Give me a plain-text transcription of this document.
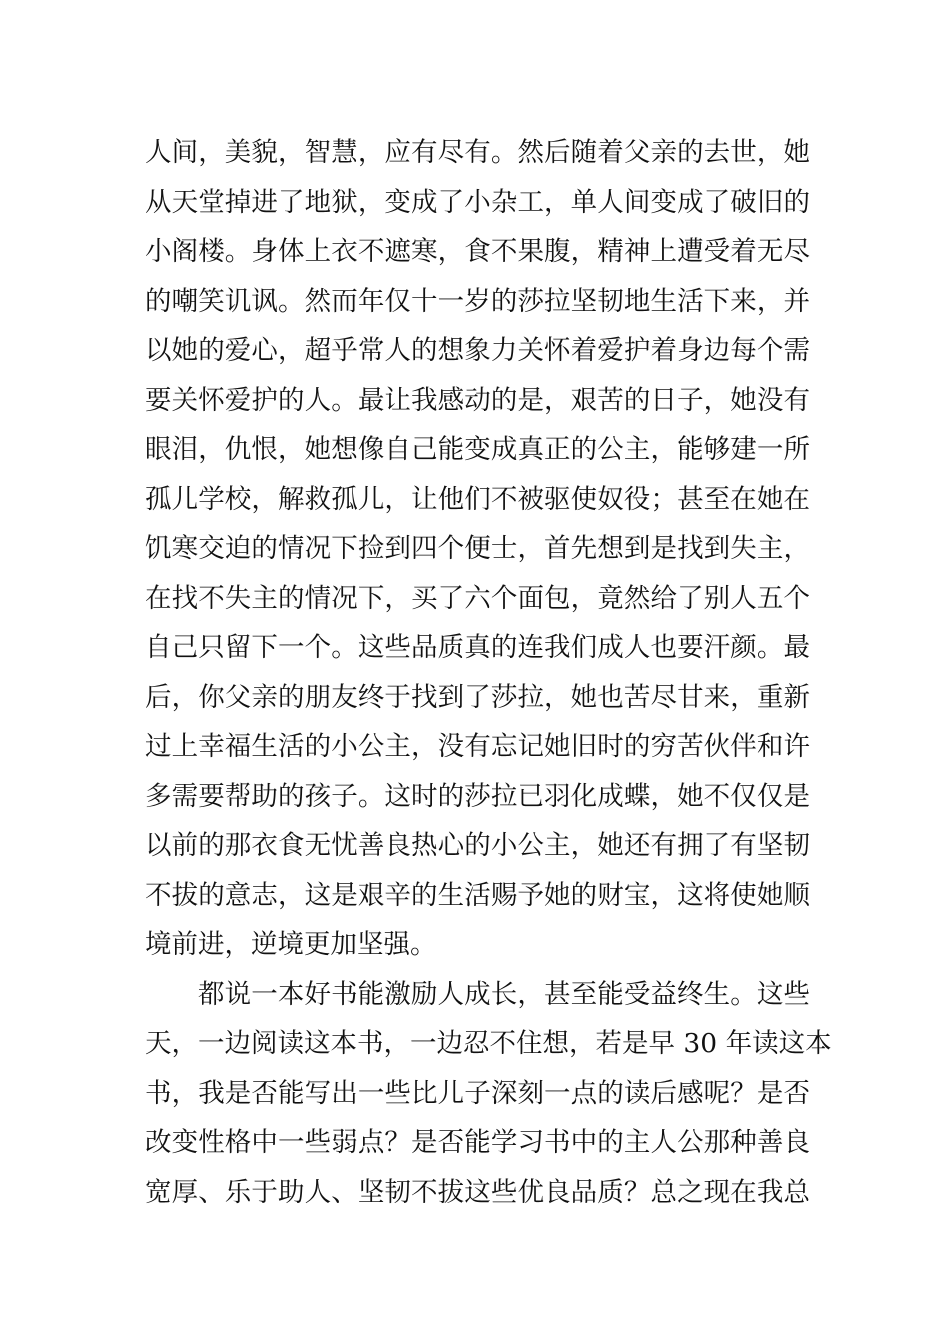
人间，美貌，智慧，应有尽有。然后随着父亲的去世，她
从天堂掉进了地狱，变成了小杂工，单人间变成了破旧的
小阁楼。身体上衣不遮寒，食不果腹，精神上遭受着无尽
的嘲笑讥讽。然而年仅十一岁的莎拉坚韧地生活下来，并
以她的爱心，超乎常人的想象力关怀着爱护着身边每个需
要关怀爱护的人。最让我感动的是，艰苦的日子，她没有
眼泪，仇恨，她想像自己能变成真正的公主，能够建一所
孤儿学校，解救孤儿，让他们不被驱使奴役；甚至在她在
饥寒交迫的情况下捡到四个便士，首先想到是找到失主，
在找不失主的情况下，买了六个面包，竟然给了别人五个
自己只留下一个。这些品质真的连我们成人也要汗颜。最
后，你父亲的朋友终于找到了莎拉，她也苦尽甘来，重新
过上幸福生活的小公主，没有忘记她旧时的穷苦伙伴和许
多需要帮助的孩子。这时的莎拉已羽化成蝶，她不仅仅是
以前的那衣食无忧善良热心的小公主，她还有拥了有坚韧
不拔的意志，这是艰辛的生活赐予她的财宝，这将使她顺
境前进，逆境更加坚强。
都说一本好书能激励人成长，甚至能受益终生。这些
天，一边阅读这本书，一边忍不住想，若是早 30 年读这本
书，我是否能写出一些比儿子深刻一点的读后感呢？是否
改变性格中一些弱点？是否能学习书中的主人公那种善良
宽厚、乐于助人、坚韧不拔这些优良品质？总之现在我总
